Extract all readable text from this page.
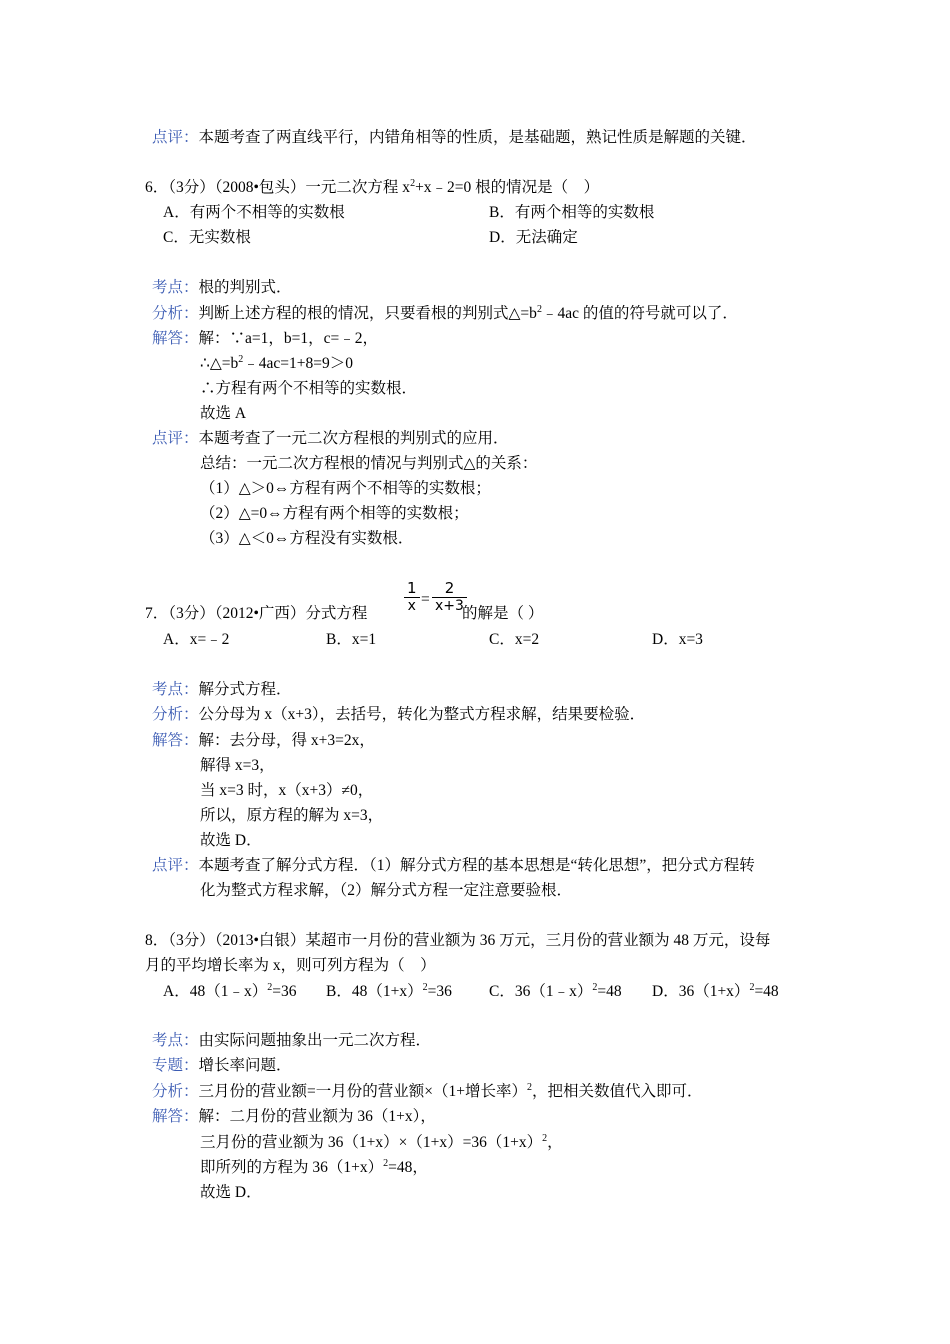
点评：本题考查了两直线平行，内错角相等的性质，是基础题，熟记性质是解题的关键．
6．（3分）（2008•包头）一元二次方程 $x^2+x﹣2=0$ 根的情况是（　）
A．有两个不相等的实数根	B．有两个相等的实数根
C．无实数根	D．无法确定
考点：根的判别式．
分析：判断上述方程的根的情况，只要看根的判别式$\triangle=b^2﹣4ac$ 的值的符号就可以了．
解答：解：∵a=1，b=1，c=﹣2，
$\therefore\triangle=b^2﹣4ac=1+8=9>0$
∴方程有两个不相等的实数根．
故选 A
点评：本题考查了一元二次方程根的判别式的应用．
总结：一元二次方程根的情况与判别式△的关系：
（1）△＞0⇔方程有两个不相等的实数根；
（2）△=0⇔方程有两个相等的实数根；
（3）△＜0⇔方程没有实数根．
7．（3分）（2012•广西）分式方程 $\frac{1}{x} = \frac{2}{x+3}$
的解是（ ）
A．x=﹣2	B．x=1	C．x=2	D．x=3
考点：解分式方程．
分析：公分母为 x（x+3），去括号，转化为整式方程求解，结果要检验．
解答：解：去分母，得 x+3=2x，
解得 x=3，
当 x=3 时，x（x+3）≠0，
所以，原方程的解为 x=3，
故选 D．
点评：本题考查了解分式方程．（1）解分式方程的基本思想是“转化思想”，把分式方程转
化为整式方程求解，（2）解分式方程一定注意要验根．
8．（3分）（2013•白银）某超市一月份的营业额为 36 万元，三月份的营业额为 48 万元，设每
月的平均增长率为 x，则可列方程为（　）
A．48（1﹣x）$^2$=36 B．$48(1+x)^2=36$ C．36（1﹣x）$^2$=48 D．$36(1+x)^2=48$
考点：由实际问题抽象出一元二次方程．
专题：增长率问题．
分析：三月份的营业额=一月份的营业额×（1+增长率）$^2$，把相关数值代入即可．
解答：解：二月份的营业额为 36（1+x），
三月份的营业额为 $36(1+x)\times(1+x)=36(1+x)^2$，
即所列的方程为 $36(1+x)^2=48$，
故选 D．
